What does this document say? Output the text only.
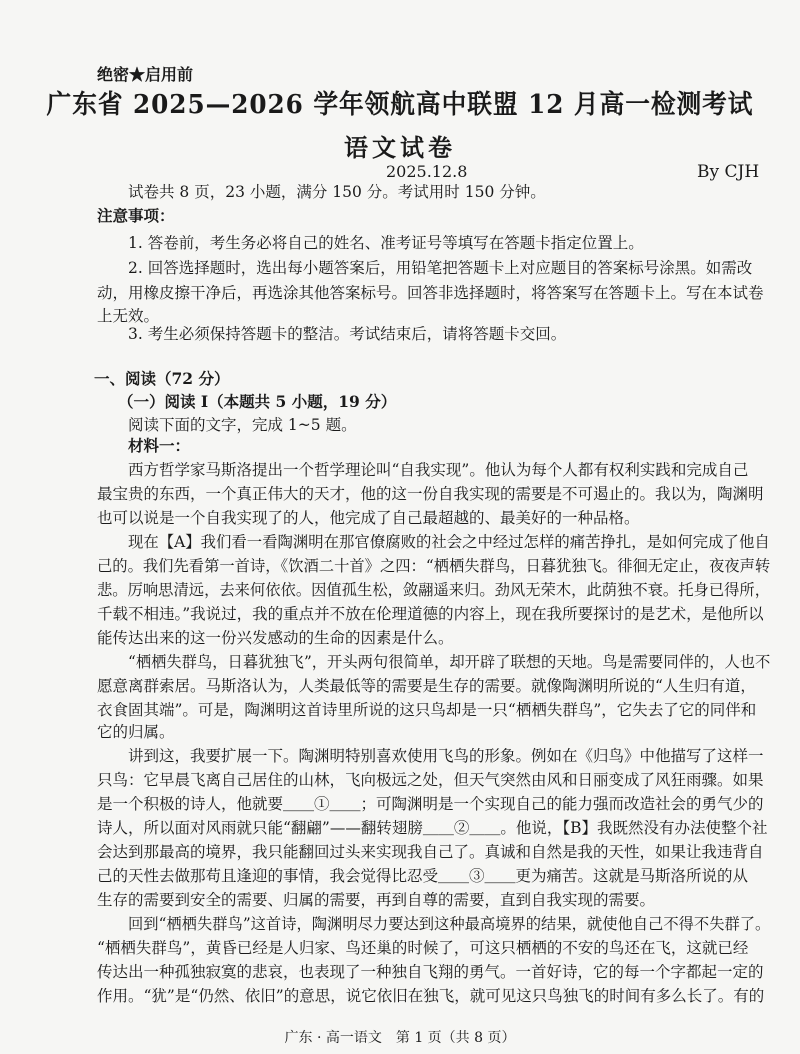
绝密★启用前
广东省 2025—2026 学年领航高中联盟 12 月高一检测考试
语文试卷
2025.12.8	By CJH
试卷共 8 页，23 小题，满分 150 分。考试用时 150 分钟。
注意事项：
1. 答卷前，考生务必将自己的姓名、准考证号等填写在答题卡指定位置上。
2. 回答选择题时，选出每小题答案后，用铅笔把答题卡上对应题目的答案标号涂黑。如需改
动，用橡皮擦干净后，再选涂其他答案标号。回答非选择题时，将答案写在答题卡上。写在本试卷
上无效。
3. 考生必须保持答题卡的整洁。考试结束后，请将答题卡交回。
一、阅读（72 分）
（一）阅读 I（本题共 5 小题，19 分）
阅读下面的文字，完成 1~5 题。
材料一：
西方哲学家马斯洛提出一个哲学理论叫“自我实现”。他认为每个人都有权利实践和完成自己
最宝贵的东西，一个真正伟大的天才，他的这一份自我实现的需要是不可遏止的。我以为，陶渊明
也可以说是一个自我实现了的人，他完成了自己最超越的、最美好的一种品格。
现在【A】我们看一看陶渊明在那官僚腐败的社会之中经过怎样的痛苦挣扎，是如何完成了他自
己的。我们先看第一首诗，《饮酒二十首》之四：“栖栖失群鸟，日暮犹独飞。徘徊无定止，夜夜声转
悲。厉响思清远，去来何依依。因值孤生松，敛翮遥来归。劲风无荣木，此荫独不衰。托身已得所，
千载不相违。”我说过，我的重点并不放在伦理道德的内容上，现在我所要探讨的是艺术，是他所以
能传达出来的这一份兴发感动的生命的因素是什么。
“栖栖失群鸟，日暮犹独飞”，开头两句很简单，却开辟了联想的天地。鸟是需要同伴的，人也不
愿意离群索居。马斯洛认为，人类最低等的需要是生存的需要。就像陶渊明所说的“人生归有道，
衣食固其端”。可是，陶渊明这首诗里所说的这只鸟却是一只“栖栖失群鸟”，它失去了它的同伴和
它的归属。
讲到这，我要扩展一下。陶渊明特别喜欢使用飞鸟的形象。例如在《归鸟》中他描写了这样一
只鸟：它早晨飞离自己居住的山林，飞向极远之处，但天气突然由风和日丽变成了风狂雨骤。如果
是一个积极的诗人，他就要＿＿①＿＿；可陶渊明是一个实现自己的能力强而改造社会的勇气少的
诗人，所以面对风雨就只能“翻翩”——翻转翅膀＿＿②＿＿。他说，【B】我既然没有办法使整个社
会达到那最高的境界，我只能翻回过头来实现我自己了。真诚和自然是我的天性，如果让我违背自
己的天性去做那苟且逢迎的事情，我会觉得比忍受＿＿③＿＿更为痛苦。这就是马斯洛所说的从
生存的需要到安全的需要、归属的需要，再到自尊的需要，直到自我实现的需要。
回到“栖栖失群鸟”这首诗，陶渊明尽力要达到这种最高境界的结果，就使他自己不得不失群了。
“栖栖失群鸟”，黄昏已经是人归家、鸟还巢的时候了，可这只栖栖的不安的鸟还在飞，这就已经
传达出一种孤独寂寞的悲哀，也表现了一种独自飞翔的勇气。一首好诗，它的每一个字都起一定的
作用。“犹”是“仍然、依旧”的意思，说它依旧在独飞，就可见这只鸟独飞的时间有多么长了。有的
广东 · 高一语文　第 1 页（共 8 页）
